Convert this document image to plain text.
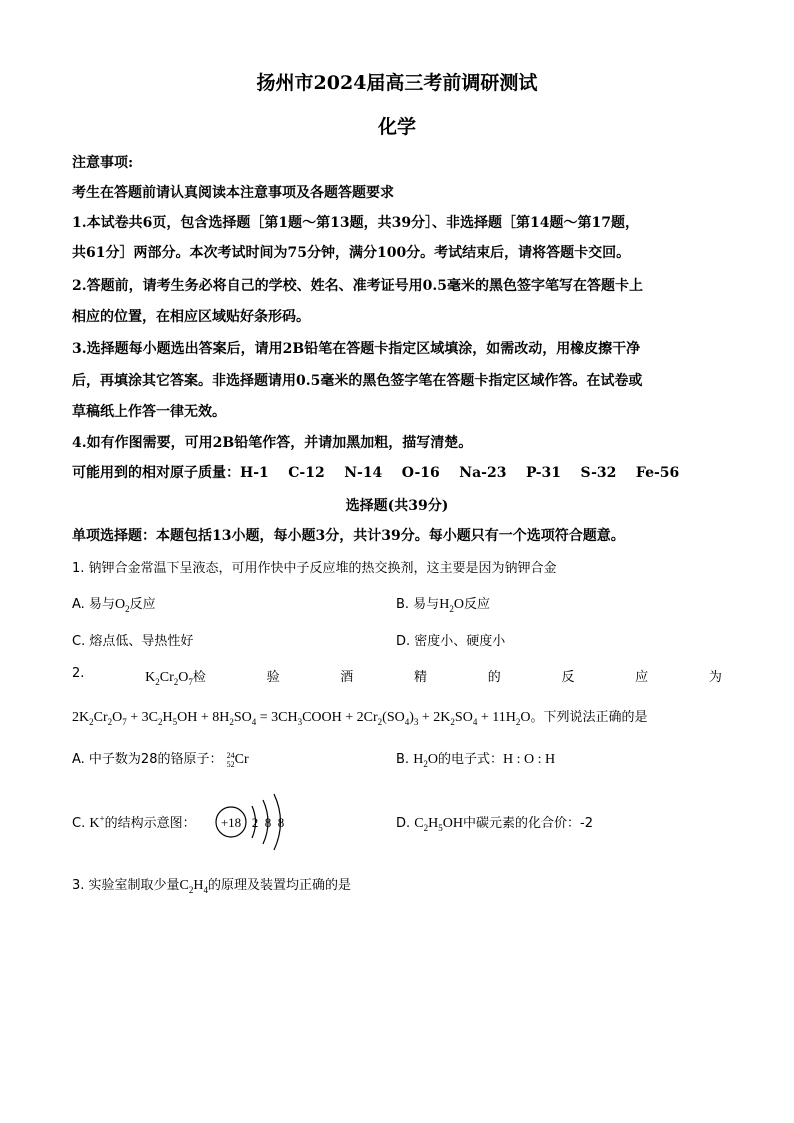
扬州市2024届高三考前调研测试
化学
注意事项:
考生在答题前请认真阅读本注意事项及各题答题要求
1.本试卷共6页，包含选择题［第1题～第13题，共39分］、非选择题［第14题～第17题，
共61分］两部分。本次考试时间为75分钟，满分100分。考试结束后，请将答题卡交回。
2.答题前，请考生务必将自己的学校、姓名、准考证号用0.5毫米的黑色签字笔写在答题卡上
相应的位置，在相应区域贴好条形码。
3.选择题每小题选出答案后，请用2B铅笔在答题卡指定区域填涂，如需改动，用橡皮擦干净
后，再填涂其它答案。非选择题请用0.5毫米的黑色签字笔在答题卡指定区域作答。在试卷或
草稿纸上作答一律无效。
4.如有作图需要，可用2B铅笔作答，并请加黑加粗，描写清楚。
可能用到的相对原子质量：H-1    C-12    N-14    O-16    Na-23    P-31    S-32    Fe-56
选择题(共39分)
单项选择题：本题包括13小题，每小题3分，共计39分。每小题只有一个选项符合题意。
1. 钠钾合金常温下呈液态，可用作快中子反应堆的热交换剂，这主要是因为钠钾合金
A. 易与$O_2$反应	B. 易与$H_2O$反应
C. 熔点低、导热性好	D. 密度小、硬度小
2.	$K_2Cr_2O_7$检	验	酒	精	的	反	应	为
$2K_2Cr_2O_7 + 3C_2H_5OH + 8H_2SO_4$ = $3CH_3COOH + 2Cr_2(SO_4)_3 + 2K_2SO_4 + 11H_2O$。下列说法正确的是
A. 中子数为28的铬原子： 24
52 Cr	B. $H_2O$的电子式：H : O : H
C. K+的结构示意图： +18 2 8 8	D. $C_2H_5OH$中碳元素的化合价：-2
3. 实验室制取少量$C_2H_4$的原理及装置均正确的是
